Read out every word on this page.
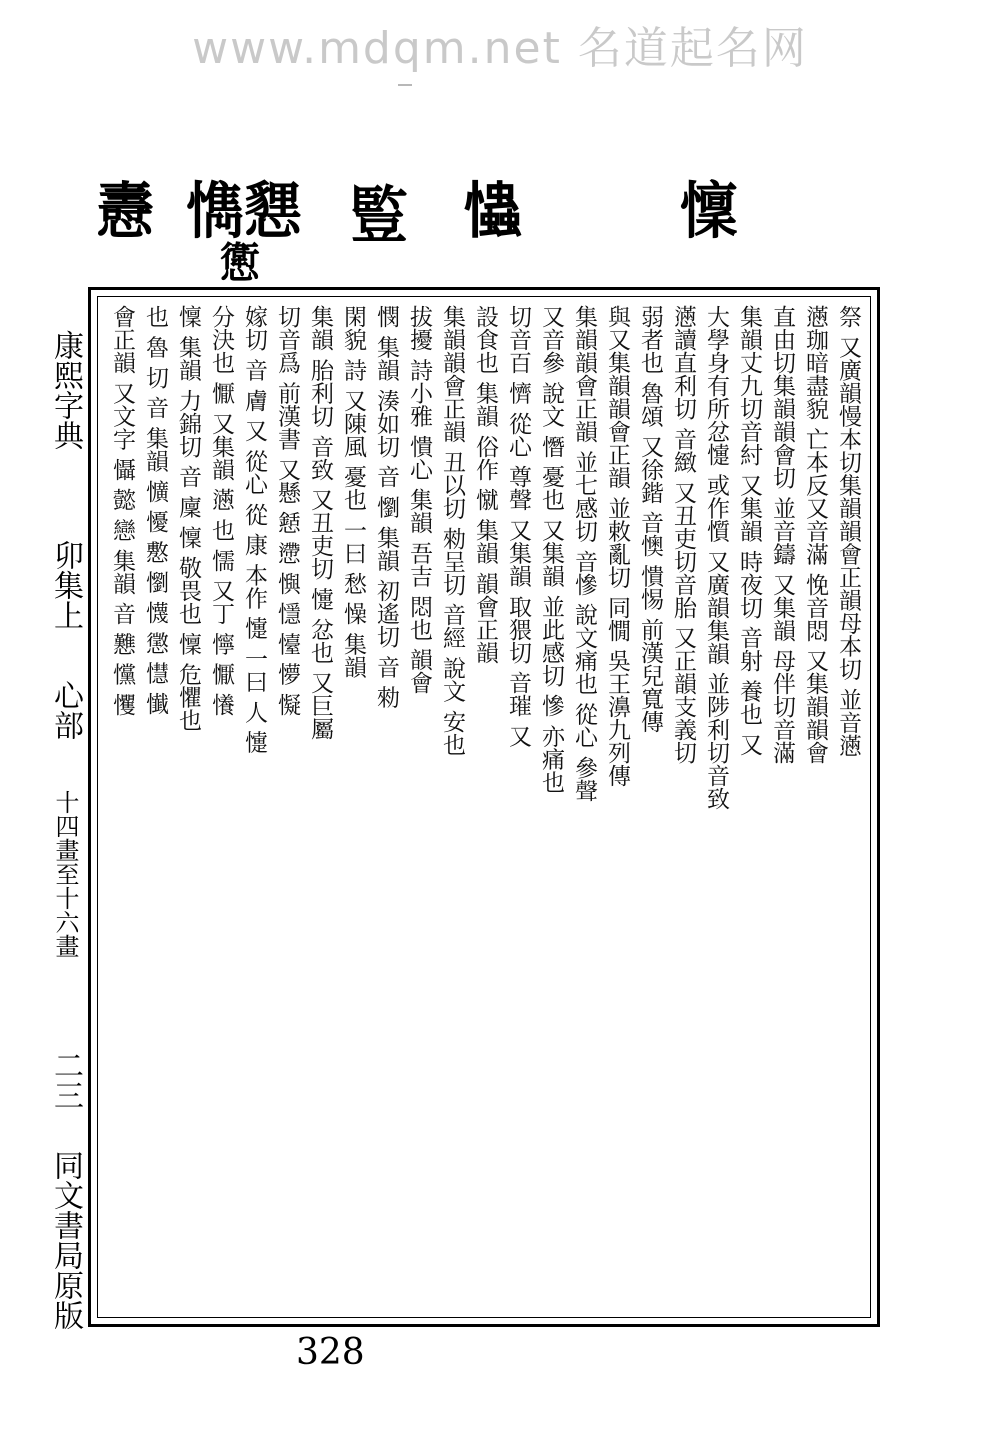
www.mdqm.net 名道起名网
㦞 懏㦟
㦣
䜿 𢥞	懍
康熙字典
卯集上
心部
十四畫至十六畫
二三
同文書局原版
祭 又廣韻慢本切集韻韻會正韻母本切 並音懣
懣珈暗盡貌 亡本反又音滿 悗音悶 又集韻韻會
直由切集韻韻會切 並音鑄 又集韻 母伴切音滿
集韻丈九切音紂 又集韻 時夜切 音射 養也 又
大學身有所忿懥 或作懫 又廣韻集韻 並陟利切音致
懣讀直利切 音緻 又丑吏切音胎 又正韻支義切
弱者也 魯頌 又徐鍇 音懊 憒惕 前漢兒寬傳
與又集韻韻會正韻 並敕亂切 同憪 吳王濞九列傳
集韻韻會正韻 並七感切 音慘 說文痛也 從心 參聲
又音參 說文 憯 憂也 又集韻 並此感切 慘 亦痛也
切音百 懠 從心 尊聲 又集韻 取猥切 音璀 又
設食也 集韻 俗作 憱 集韻 韻會正韻
集韻韻會正韻 丑以切 勑呈切 音經 說文 安也
拔擾 詩小雅 憒心 集韻 吾吉 悶也 韻會
憫 集韻 湊如切 音 懰 集韻 初遙切 音 勑
閑貌 詩 又陳風 憂也 一曰 愁 懆 集韻
集韻 胎利切 音致 又丑吏切 懥 忿也 又巨屬
切音爲 前漢書 又懸 懖 懘 懙 懚 懛 懜 懝
嫁切 音 膚 又 從心 從 康 本作 懥 一曰 人 懥
分決也 懨 又集韻 懣 也 懦 又丁 懧 懨 懩
懍 集韻 力錦切 音 廩 懍 敬畏也 懍 危懼也
也 魯 切 音 集韻 懭 懮 懯 懰 懱 懲 懳 懴
會正韻 又文字 懾 懿 戀 集韻 音 戁 戃 戄
328
